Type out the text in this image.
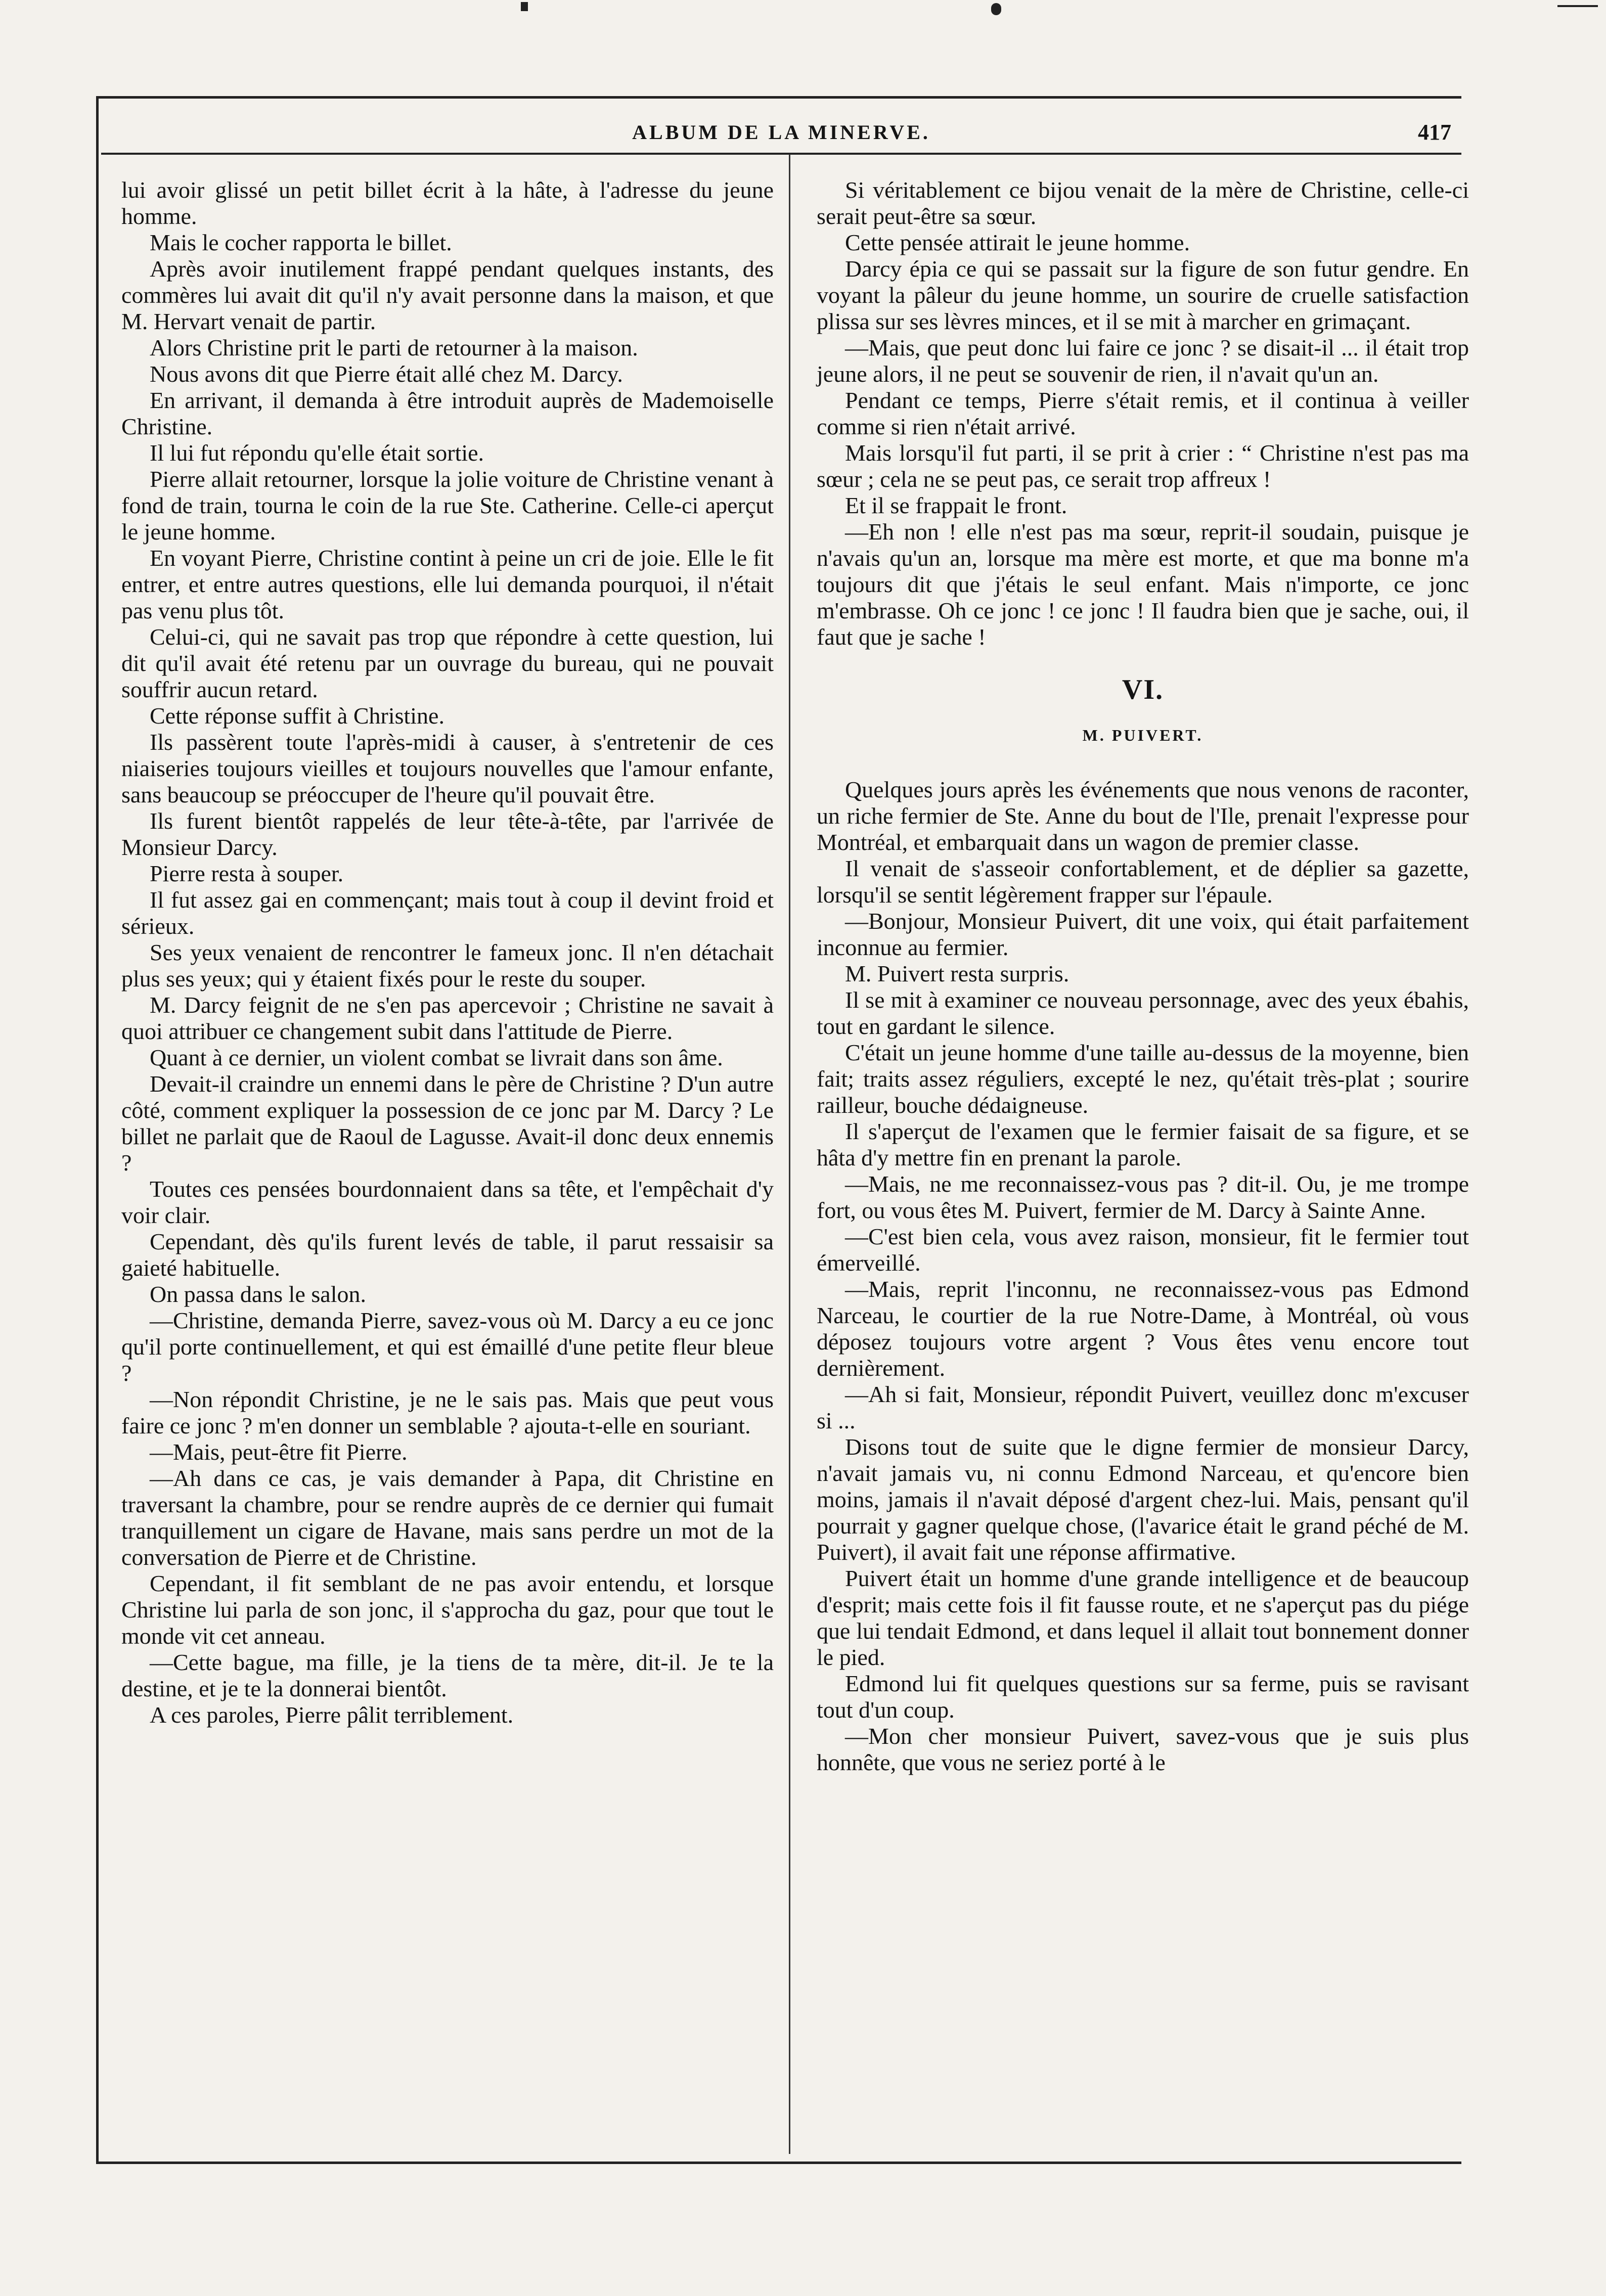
ALBUM DE LA MINERVE.	417

lui avoir glissé un petit billet écrit à la hâte, à l'adresse du jeune homme.

Mais le cocher rapporta le billet.

Après avoir inutilement frappé pendant quelques instants, des commères lui avait dit qu'il n'y avait personne dans la maison, et que M. Hervart venait de partir.

Alors Christine prit le parti de retourner à la maison.

Nous avons dit que Pierre était allé chez M. Darcy.

En arrivant, il demanda à être introduit auprès de Mademoiselle Christine.

Il lui fut répondu qu'elle était sortie.

Pierre allait retourner, lorsque la jolie voiture de Christine venant à fond de train, tourna le coin de la rue Ste. Catherine. Celle-ci aperçut le jeune homme.

En voyant Pierre, Christine contint à peine un cri de joie. Elle le fit entrer, et entre autres questions, elle lui demanda pourquoi, il n'était pas venu plus tôt.

Celui-ci, qui ne savait pas trop que répondre à cette question, lui dit qu'il avait été retenu par un ouvrage du bureau, qui ne pouvait souffrir aucun retard.

Cette réponse suffit à Christine.

Ils passèrent toute l'après-midi à causer, à s'entretenir de ces niaiseries toujours vieilles et toujours nouvelles que l'amour enfante, sans beaucoup se préoccuper de l'heure qu'il pouvait être.

Ils furent bientôt rappelés de leur tête-à-tête, par l'arrivée de Monsieur Darcy.

Pierre resta à souper.

Il fut assez gai en commençant; mais tout à coup il devint froid et sérieux.

Ses yeux venaient de rencontrer le fameux jonc. Il n'en détachait plus ses yeux; qui y étaient fixés pour le reste du souper.

M. Darcy feignit de ne s'en pas apercevoir ; Christine ne savait à quoi attribuer ce changement subit dans l'attitude de Pierre.

Quant à ce dernier, un violent combat se livrait dans son âme.

Devait-il craindre un ennemi dans le père de Christine ? D'un autre côté, comment expliquer la possession de ce jonc par M. Darcy ? Le billet ne parlait que de Raoul de Lagusse. Avait-il donc deux ennemis ?

Toutes ces pensées bourdonnaient dans sa tête, et l'empêchait d'y voir clair.

Cependant, dès qu'ils furent levés de table, il parut ressaisir sa gaieté habituelle.

On passa dans le salon.

—Christine, demanda Pierre, savez-vous où M. Darcy a eu ce jonc qu'il porte continuellement, et qui est émaillé d'une petite fleur bleue ?

—Non répondit Christine, je ne le sais pas. Mais que peut vous faire ce jonc ? m'en donner un semblable ? ajouta-t-elle en souriant.

—Mais, peut-être fit Pierre.

—Ah dans ce cas, je vais demander à Papa, dit Christine en traversant la chambre, pour se rendre auprès de ce dernier qui fumait tranquillement un cigare de Havane, mais sans perdre un mot de la conversation de Pierre et de Christine.

Cependant, il fit semblant de ne pas avoir entendu, et lorsque Christine lui parla de son jonc, il s'approcha du gaz, pour que tout le monde vit cet anneau.

—Cette bague, ma fille, je la tiens de ta mère, dit-il. Je te la destine, et je te la donnerai bientôt.

A ces paroles, Pierre pâlit terriblement.

Si véritablement ce bijou venait de la mère de Christine, celle-ci serait peut-être sa sœur.

Cette pensée attirait le jeune homme.

Darcy épia ce qui se passait sur la figure de son futur gendre. En voyant la pâleur du jeune homme, un sourire de cruelle satisfaction plissa sur ses lèvres minces, et il se mit à marcher en grimaçant.

—Mais, que peut donc lui faire ce jonc ? se disait-il ... il était trop jeune alors, il ne peut se souvenir de rien, il n'avait qu'un an.

Pendant ce temps, Pierre s'était remis, et il continua à veiller comme si rien n'était arrivé.

Mais lorsqu'il fut parti, il se prit à crier : “ Christine n'est pas ma sœur ; cela ne se peut pas, ce serait trop affreux !

Et il se frappait le front.

—Eh non ! elle n'est pas ma sœur, reprit-il soudain, puisque je n'avais qu'un an, lorsque ma mère est morte, et que ma bonne m'a toujours dit que j'étais le seul enfant. Mais n'importe, ce jonc m'embrasse. Oh ce jonc ! ce jonc ! Il faudra bien que je sache, oui, il faut que je sache !

VI.
M. PUIVERT.

Quelques jours après les événements que nous venons de raconter, un riche fermier de Ste. Anne du bout de l'Ile, prenait l'expresse pour Montréal, et embarquait dans un wagon de premier classe.

Il venait de s'asseoir confortablement, et de déplier sa gazette, lorsqu'il se sentit légèrement frapper sur l'épaule.

—Bonjour, Monsieur Puivert, dit une voix, qui était parfaitement inconnue au fermier.

M. Puivert resta surpris.

Il se mit à examiner ce nouveau personnage, avec des yeux ébahis, tout en gardant le silence.

C'était un jeune homme d'une taille au-dessus de la moyenne, bien fait; traits assez réguliers, excepté le nez, qu'était très-plat ; sourire railleur, bouche dédaigneuse.

Il s'aperçut de l'examen que le fermier faisait de sa figure, et se hâta d'y mettre fin en prenant la parole.

—Mais, ne me reconnaissez-vous pas ? dit-il. Ou, je me trompe fort, ou vous êtes M. Puivert, fermier de M. Darcy à Sainte Anne.

—C'est bien cela, vous avez raison, monsieur, fit le fermier tout émerveillé.

—Mais, reprit l'inconnu, ne reconnaissez-vous pas Edmond Narceau, le courtier de la rue Notre-Dame, à Montréal, où vous déposez toujours votre argent ? Vous êtes venu encore tout dernièrement.

—Ah si fait, Monsieur, répondit Puivert, veuillez donc m'excuser si ...

Disons tout de suite que le digne fermier de monsieur Darcy, n'avait jamais vu, ni connu Edmond Narceau, et qu'encore bien moins, jamais il n'avait déposé d'argent chez-lui. Mais, pensant qu'il pourrait y gagner quelque chose, (l'avarice était le grand péché de M. Puivert), il avait fait une réponse affirmative.

Puivert était un homme d'une grande intelligence et de beaucoup d'esprit; mais cette fois il fit fausse route, et ne s'aperçut pas du piége que lui tendait Edmond, et dans lequel il allait tout bonnement donner le pied.

Edmond lui fit quelques questions sur sa ferme, puis se ravisant tout d'un coup.

—Mon cher monsieur Puivert, savez-vous que je suis plus honnête, que vous ne seriez porté à le
